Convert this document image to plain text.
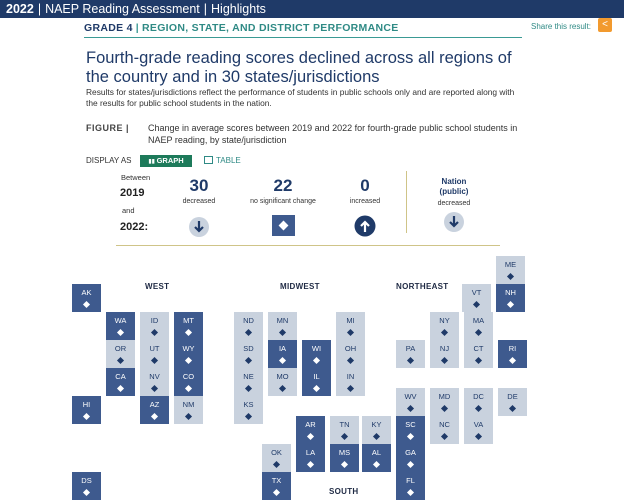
2022 | NAEP Reading Assessment | Highlights
GRADE 4 | REGION, STATE, AND DISTRICT PERFORMANCE	Share this result:	<
Fourth-grade reading scores declined across all regions of the country and in 30 states/jurisdictions
Results for states/jurisdictions reflect the performance of students in public schools only and are reported along with the results for public school students in the nation.
FIGURE | Change in average scores between 2019 and 2022 for fourth-grade public school students in NAEP reading, by state/jurisdiction
DISPLAY AS	▮▮ GRAPH	TABLE
Between
2019
and
2022:
30
decreased
22
no significant change
0
increased
Nation
(public)
decreased
WEST	MIDWEST	NORTHEAST
SOUTH
ME
AK	VT	NH
WA	ID	MT	ND	MN	MI	NY	MA
OR	UT	WY	SD	IA	WI	OH	PA	NJ	CT	RI
CA	NV	CO	NE	MO	IL	IN
WV	MD	DC	DE
HI	AZ	NM	KS
AR	TN	KY	SC	NC	VA
OK	LA	MS	AL	GA
DS	TX	FL
